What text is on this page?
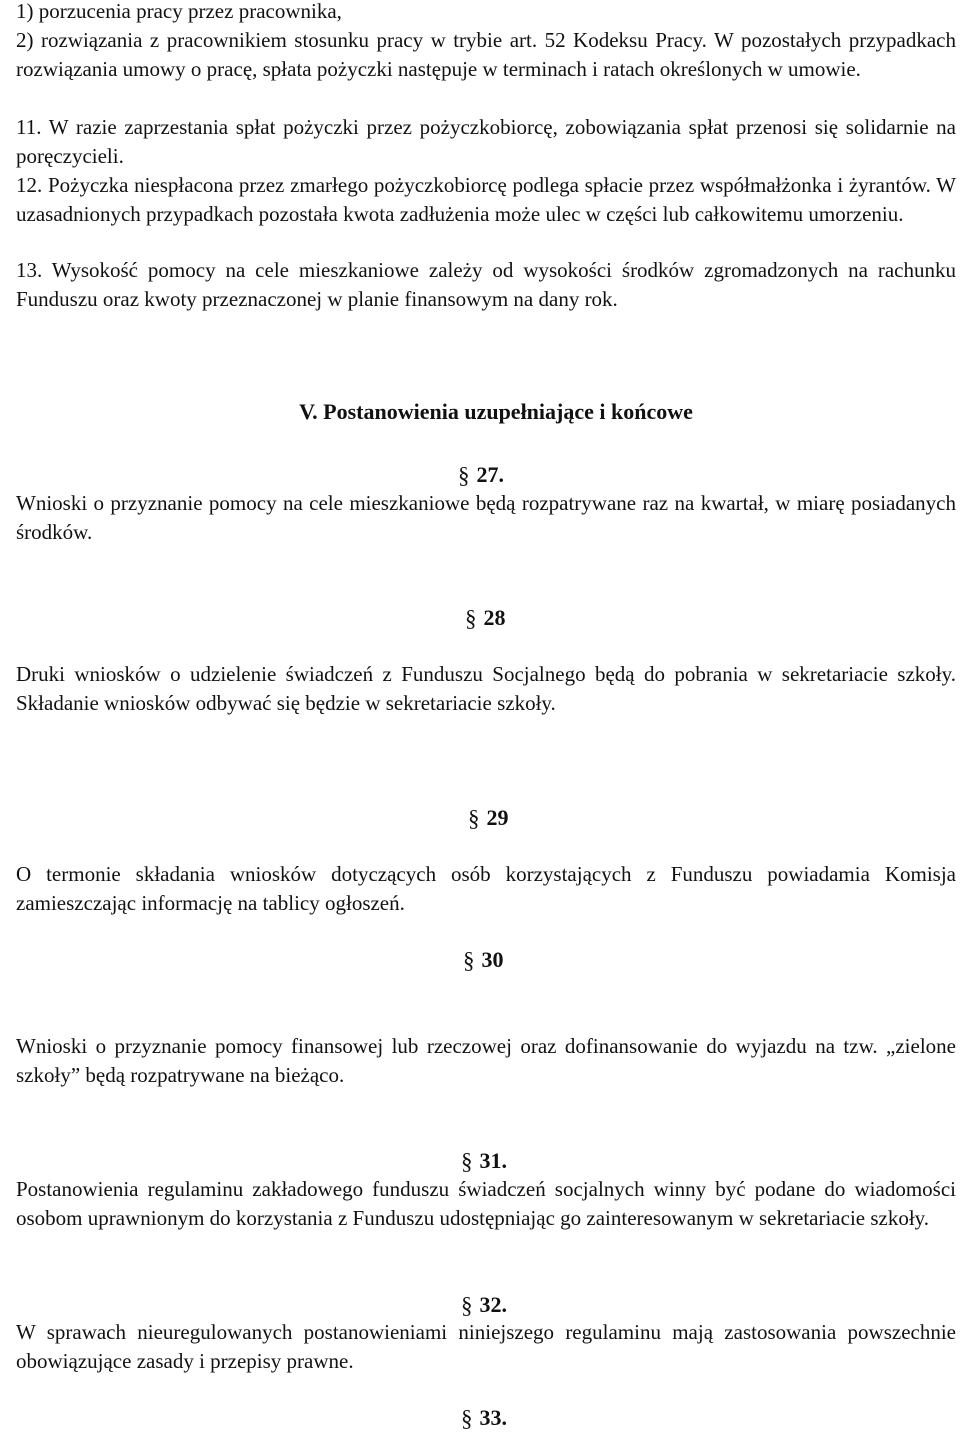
1) porzucenia pracy przez pracownika,
2) rozwiązania z pracownikiem stosunku pracy w trybie art. 52 Kodeksu Pracy. W pozostałych przypadkach rozwiązania umowy o pracę, spłata pożyczki następuje w terminach i ratach określonych w umowie.
11. W razie zaprzestania spłat pożyczki przez pożyczkobiorcę, zobowiązania spłat przenosi się solidarnie na poręczycieli.
12. Pożyczka niespłacona przez zmarłego pożyczkobiorcę podlega spłacie przez współmałżonka i żyrantów. W uzasadnionych przypadkach pozostała kwota zadłużenia może ulec w części lub całkowitemu umorzeniu.
13. Wysokość pomocy na cele mieszkaniowe zależy od wysokości środków zgromadzonych na rachunku Funduszu oraz kwoty przeznaczonej w planie finansowym na dany rok.
V. Postanowienia uzupełniające i końcowe
§ 27.
Wnioski o przyznanie pomocy na cele mieszkaniowe będą rozpatrywane raz na kwartał, w miarę posiadanych środków.
§ 28
Druki wniosków o udzielenie świadczeń z Funduszu Socjalnego będą do pobrania w sekretariacie szkoły. Składanie wniosków odbywać się będzie w sekretariacie szkoły.
§ 29
O termonie składania wniosków dotyczących osób korzystających z Funduszu powiadamia Komisja zamieszczając informację na tablicy ogłoszeń.
§ 30
Wnioski o przyznanie pomocy finansowej lub rzeczowej oraz dofinansowanie do wyjazdu na tzw. „zielone szkoły” będą rozpatrywane na bieżąco.
§ 31.
Postanowienia regulaminu zakładowego funduszu świadczeń socjalnych winny być podane do wiadomości osobom uprawnionym do korzystania z Funduszu udostępniając go zainteresowanym w sekretariacie szkoły.
§ 32.
W sprawach nieuregulowanych postanowieniami niniejszego regulaminu mają zastosowania powszechnie obowiązujące zasady i przepisy prawne.
§ 33.
